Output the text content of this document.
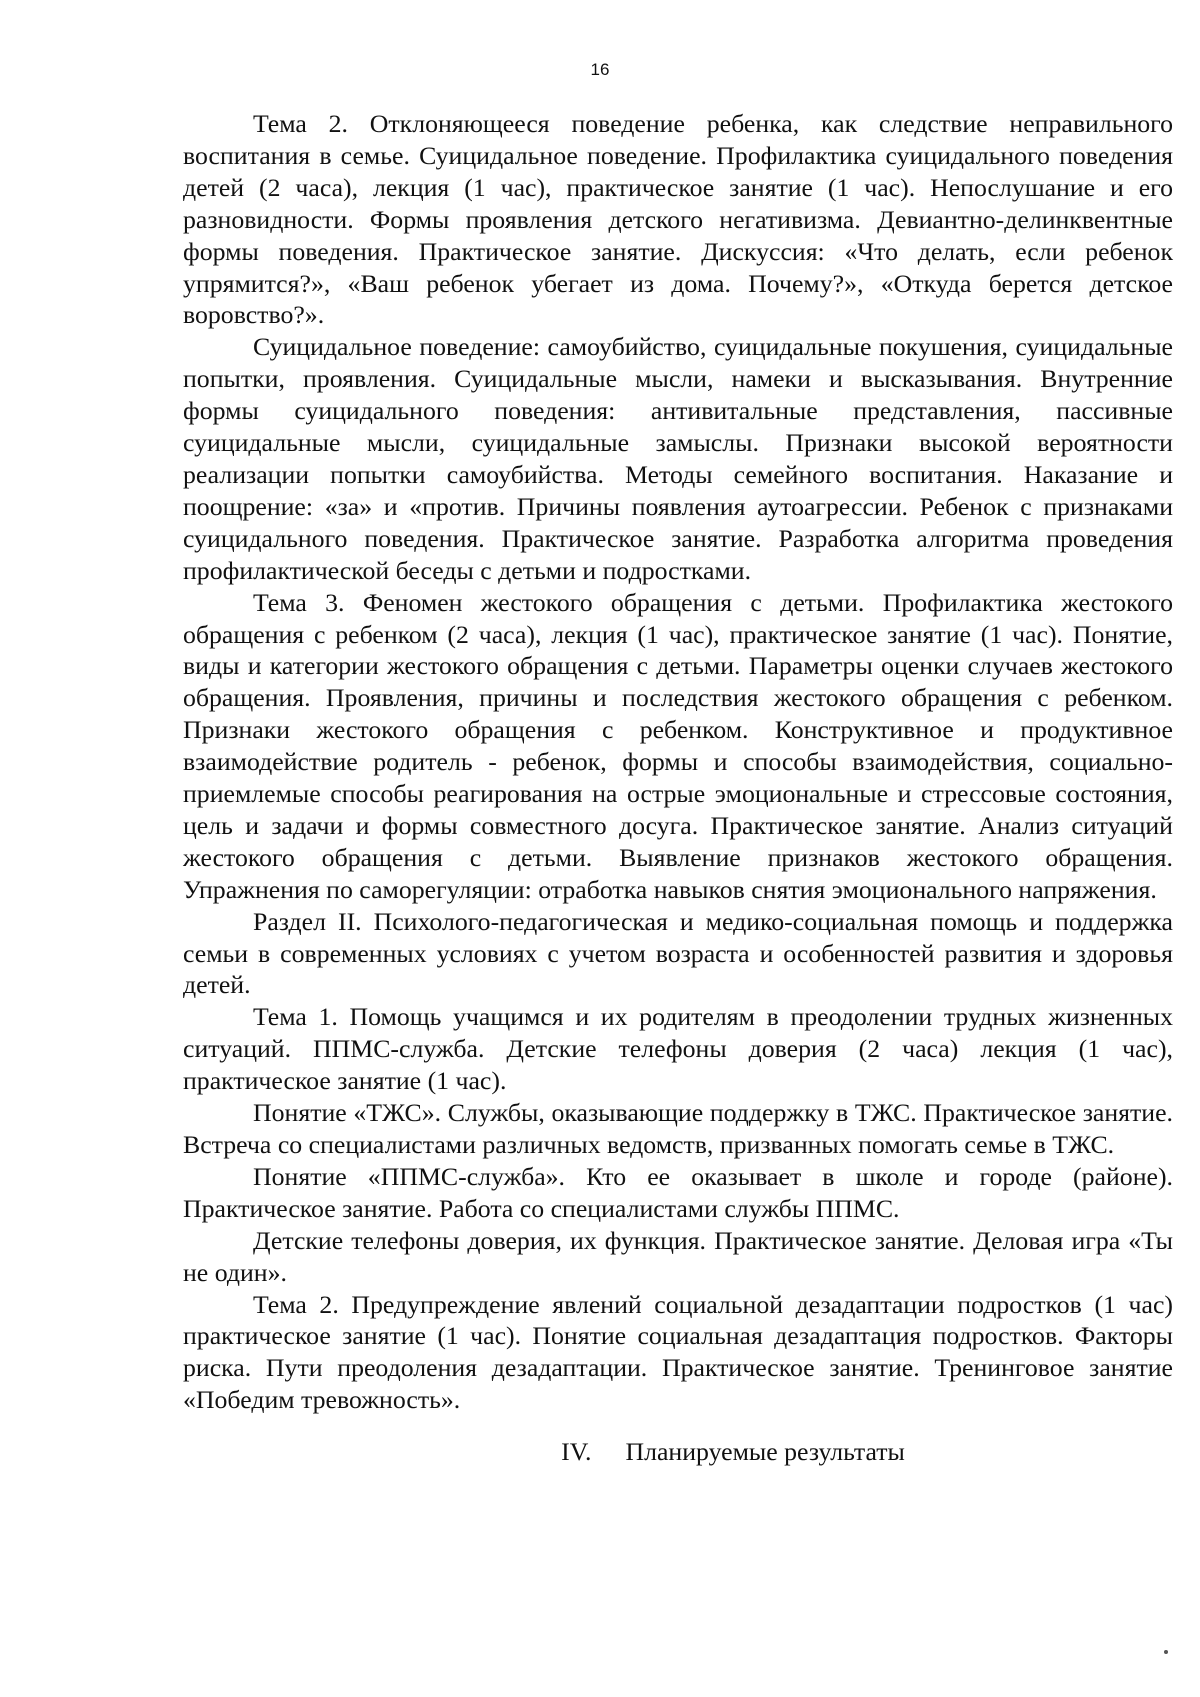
16

Тема 2. Отклоняющееся поведение ребенка, как следствие неправильного воспитания в семье. Суицидальное поведение. Профилактика суицидального поведения детей (2 часа), лекция (1 час), практическое занятие (1 час). Непослушание и его разновидности. Формы проявления детского негативизма. Девиантно-делинквентные формы поведения. Практическое занятие. Дискуссия: «Что делать, если ребенок упрямится?», «Ваш ребенок убегает из дома. Почему?», «Откуда берется детское воровство?».

Суицидальное поведение: самоубийство, суицидальные покушения, суицидальные попытки, проявления. Суицидальные мысли, намеки и высказывания. Внутренние формы суицидального поведения: антивитальные представления, пассивные суицидальные мысли, суицидальные замыслы. Признаки высокой вероятности реализации попытки самоубийства. Методы семейного воспитания. Наказание и поощрение: «за» и «против. Причины появления аутоагрессии. Ребенок с признаками суицидального поведения. Практическое занятие. Разработка алгоритма проведения профилактической беседы с детьми и подростками.

Тема 3. Феномен жестокого обращения с детьми. Профилактика жестокого обращения с ребенком (2 часа), лекция (1 час), практическое занятие (1 час). Понятие, виды и категории жестокого обращения с детьми. Параметры оценки случаев жестокого обращения. Проявления, причины и последствия жестокого обращения с ребенком. Признаки жестокого обращения с ребенком. Конструктивное и продуктивное взаимодействие родитель - ребенок, формы и способы взаимодействия, социально-приемлемые способы реагирования на острые эмоциональные и стрессовые состояния, цель и задачи и формы совместного досуга. Практическое занятие. Анализ ситуаций жестокого обращения с детьми. Выявление признаков жестокого обращения. Упражнения по саморегуляции: отработка навыков снятия эмоционального напряжения.

Раздел II. Психолого-педагогическая и медико-социальная помощь и поддержка семьи в современных условиях с учетом возраста и особенностей развития и здоровья детей.

Тема 1. Помощь учащимся и их родителям в преодолении трудных жизненных ситуаций. ППМС-служба. Детские телефоны доверия (2 часа) лекция (1 час), практическое занятие (1 час).

Понятие «ТЖС». Службы, оказывающие поддержку в ТЖС. Практическое занятие. Встреча со специалистами различных ведомств, призванных помогать семье в ТЖС.

Понятие «ППМС-служба». Кто ее оказывает в школе и городе (районе). Практическое занятие. Работа со специалистами службы ППМС.

Детские телефоны доверия, их функция. Практическое занятие. Деловая игра «Ты не один».

Тема 2. Предупреждение явлений социальной дезадаптации подростков (1 час) практическое занятие (1 час). Понятие социальная дезадаптация подростков. Факторы риска. Пути преодоления дезадаптации. Практическое занятие. Тренинговое занятие «Победим тревожность».

IV. Планируемые результаты
